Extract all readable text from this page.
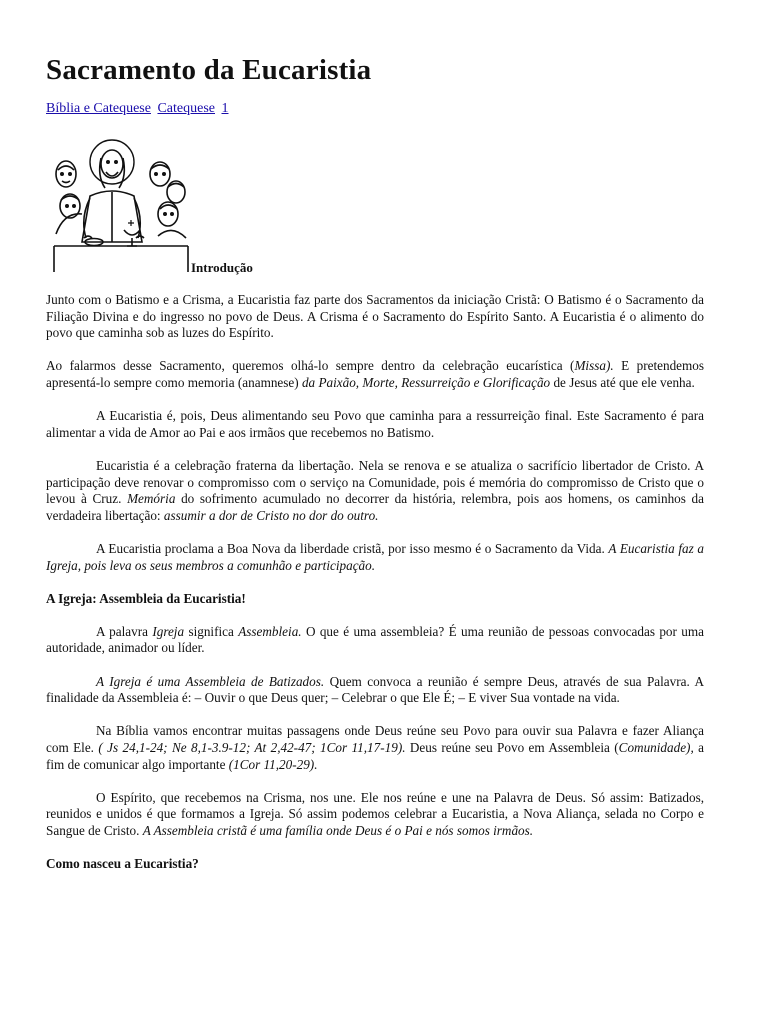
Sacramento da Eucaristia
Bíblia e Catequese Catequese 1
Introdução

Junto com o Batismo e a Crisma, a Eucaristia faz parte dos Sacramentos da iniciação Cristã: O Batismo é o Sacramento da Filiação Divina e do ingresso no povo de Deus. A Crisma é o Sacramento do Espírito Santo. A Eucaristia é o alimento do povo que caminha sob as luzes do Espírito.

Ao falarmos desse Sacramento, queremos olhá-lo sempre dentro da celebração eucarística (Missa). E pretendemos apresentá-lo sempre como memoria (anamnese) da Paixão, Morte, Ressurreição e Glorificação de Jesus até que ele venha.

A Eucaristia é, pois, Deus alimentando seu Povo que caminha para a ressurreição final. Este Sacramento é para alimentar a vida de Amor ao Pai e aos irmãos que recebemos no Batismo.

Eucaristia é a celebração fraterna da libertação. Nela se renova e se atualiza o sacrifício libertador de Cristo. A participação deve renovar o compromisso com o serviço na Comunidade, pois é memória do compromisso de Cristo que o levou à Cruz. Memória do sofrimento acumulado no decorrer da história, relembra, pois aos homens, os caminhos da verdadeira libertação: assumir a dor de Cristo no dor do outro.

A Eucaristia proclama a Boa Nova da liberdade cristã, por isso mesmo é o Sacramento da Vida. A Eucaristia faz a Igreja, pois leva os seus membros a comunhão e participação.

A Igreja: Assembleia da Eucaristia!

A palavra Igreja significa Assembleia. O que é uma assembleia? É uma reunião de pessoas convocadas por uma autoridade, animador ou líder.

A Igreja é uma Assembleia de Batizados. Quem convoca a reunião é sempre Deus, através de sua Palavra. A finalidade da Assembleia é: – Ouvir o que Deus quer; – Celebrar o que Ele É; – E viver Sua vontade na vida.

Na Bíblia vamos encontrar muitas passagens onde Deus reúne seu Povo para ouvir sua Palavra e fazer Aliança com Ele. ( Js 24,1-24; Ne 8,1-3.9-12; At 2,42-47; 1Cor 11,17-19). Deus reúne seu Povo em Assembleia (Comunidade), a fim de comunicar algo importante (1Cor 11,20-29).

O Espírito, que recebemos na Crisma, nos une. Ele nos reúne e une na Palavra de Deus. Só assim: Batizados, reunidos e unidos é que formamos a Igreja. Só assim podemos celebrar a Eucaristia, a Nova Aliança, selada no Corpo e Sangue de Cristo. A Assembleia cristã é uma família onde Deus é o Pai e nós somos irmãos.

Como nasceu a Eucaristia?
